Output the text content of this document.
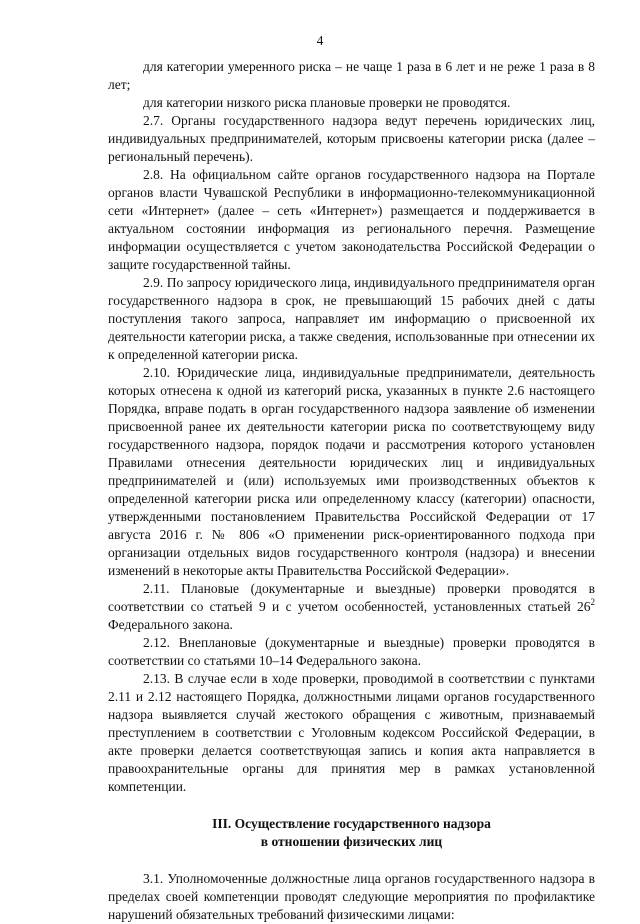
4

для категории умеренного риска – не чаще 1 раза в 6 лет и не реже 1 раза в 8 лет;

для категории низкого риска плановые проверки не проводятся.

2.7. Органы государственного надзора ведут перечень юридических лиц, индивидуальных предпринимателей, которым присвоены категории риска (далее – региональный перечень).

2.8. На официальном сайте органов государственного надзора на Портале органов власти Чувашской Республики в информационно-телекоммуникационной сети «Интернет» (далее – сеть «Интернет») размещается и поддерживается в актуальном состоянии информация из регионального перечня. Размещение информации осуществляется с учетом законодательства Российской Федерации о защите государственной тайны.

2.9. По запросу юридического лица, индивидуального предпринимателя орган государственного надзора в срок, не превышающий 15 рабочих дней с даты поступления такого запроса, направляет им информацию о присвоенной их деятельности категории риска, а также сведения, использованные при отнесении их к определенной категории риска.

2.10. Юридические лица, индивидуальные предприниматели, деятельность которых отнесена к одной из категорий риска, указанных в пункте 2.6 настоящего Порядка, вправе подать в орган государственного надзора заявление об изменении присвоенной ранее их деятельности категории риска по соответствующему виду государственного надзора, порядок подачи и рассмотрения которого установлен Правилами отнесения деятельности юридических лиц и индивидуальных предпринимателей и (или) используемых ими производственных объектов к определенной категории риска или определенному классу (категории) опасности, утвержденными постановлением Правительства Российской Федерации от 17 августа 2016 г. № 806 «О применении риск-ориентированного подхода при организации отдельных видов государственного контроля (надзора) и внесении изменений в некоторые акты Правительства Российской Федерации».

2.11. Плановые (документарные и выездные) проверки проводятся в соответствии со статьей 9 и с учетом особенностей, установленных статьей $26^2$ Федерального закона.

2.12. Внеплановые (документарные и выездные) проверки проводятся в соответствии со статьями 10–14 Федерального закона.

2.13. В случае если в ходе проверки, проводимой в соответствии с пунктами 2.11 и 2.12 настоящего Порядка, должностными лицами органов государственного надзора выявляется случай жестокого обращения с животным, признаваемый преступлением в соответствии с Уголовным кодексом Российской Федерации, в акте проверки делается соответствующая запись и копия акта направляется в правоохранительные органы для принятия мер в рамках установленной компетенции.

III. Осуществление государственного надзора
в отношении физических лиц

3.1. Уполномоченные должностные лица органов государственного надзора в пределах своей компетенции проводят следующие мероприятия по профилактике нарушений обязательных требований физическими лицами:
